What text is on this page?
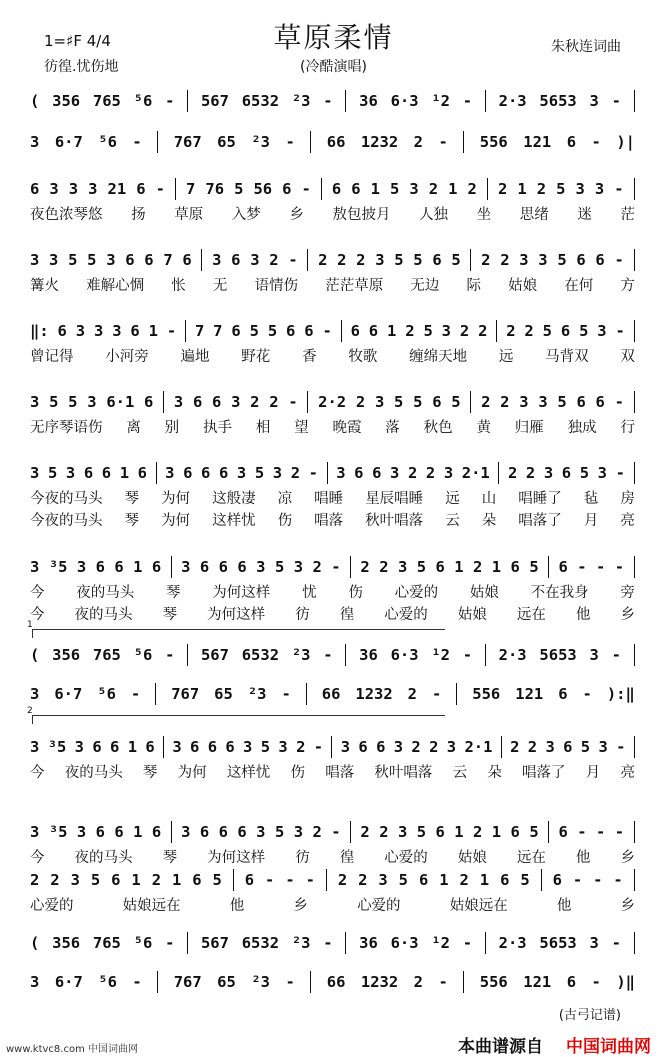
草原柔情
1=♯F 4/4
彷徨.忧伤地
朱秋连词曲
(冷酷演唱)
( 356 765 ⁵6 - 567 6532 ²3 - 36 6·3 ¹2 - 2·3 5653 3 -
3 6·7 ⁵6 - 767 65 ²3 - 66 1232 2 - 556 121 6 - )|
6 3 3 3 21 6 - 7 76 5 56 6 - 6 6 1 5 3 2 1 2 2 1 2 5 3 3 -
夜色浓琴悠 扬 草原 入梦 乡 敖包披月 人独 坐 思绪 迷 茫
3 3 5 5 3 6 6 7 6 3 6 3 2 - 2 2 2 3 5 5 6 5 2 2 3 3 5 6 6 -
篝火 难解心惆 怅 无 语情伤 茫茫草原 无边 际 姑娘 在何 方
‖: 6 3 3 3 6 1 - 7 7 6 5 5 6 6 - 6 6 1 2 5 3 2 2 2 2 5 6 5 3 -
曾记得 小河旁 遍地 野花 香 牧歌 缠绵天地 远 马背双 双
3 5 5 3 6·1 6 3 6 6 3 2 2 - 2·2 2 3 5 5 6 5 2 2 3 3 5 6 6 -
无序琴语伤 离 别 执手 相 望 晚霞 落 秋色 黄 归雁 独成 行
3 5 3 6 6 1 6 3 6 6 6 3 5 3 2 - 3 6 6 3 2 2 3 2·1 2 2 3 6 5 3 -
今夜的马头 琴 为何 这般凄 凉 唱睡 星辰唱睡 远 山 唱睡了 毡 房
今夜的马头 琴 为何 这样忧 伤 唱落 秋叶唱落 云 朵 唱落了 月 亮
3 ³5 3 6 6 1 6 3 6 6 6 3 5 3 2 - 2 2 3 5 6 1 2 1 6 5 6 - - -
今 夜的马头 琴 为何这样 忧 伤 心爱的 姑娘 不在我身 旁
今 夜的马头 琴 为何这样 彷 徨 心爱的 姑娘 远在 他 乡
( 356 765 ⁵6 - 567 6532 ²3 - 36 6·3 ¹2 - 2·3 5653 3 -
3 6·7 ⁵6 - 767 65 ²3 - 66 1232 2 - 556 121 6 - ):‖
3 ³5 3 6 6 1 6 3 6 6 6 3 5 3 2 - 3 6 6 3 2 2 3 2·1 2 2 3 6 5 3 -
今 夜的马头 琴 为何 这样忧 伤 唱落 秋叶唱落 云 朵 唱落了 月 亮
3 ³5 3 6 6 1 6 3 6 6 6 3 5 3 2 - 2 2 3 5 6 1 2 1 6 5 6 - - -
今 夜的马头 琴 为何这样 彷 徨 心爱的 姑娘 远在 他 乡
2 2 3 5 6 1 2 1 6 5 6 - - - 2 2 3 5 6 1 2 1 6 5 6 - - -
心爱的	姑娘远在	他	乡	心爱的	姑娘远在	他	乡
( 356 765 ⁵6 - 567 6532 ²3 - 36 6·3 ¹2 - 2·3 5653 3 -
3 6·7 ⁵6 - 767 65 ²3 - 66 1232 2 - 556 121 6 - )‖
1
2
(古弓记谱)
www.ktvc8.com 中国词曲网	本曲谱源自 中国词曲网
